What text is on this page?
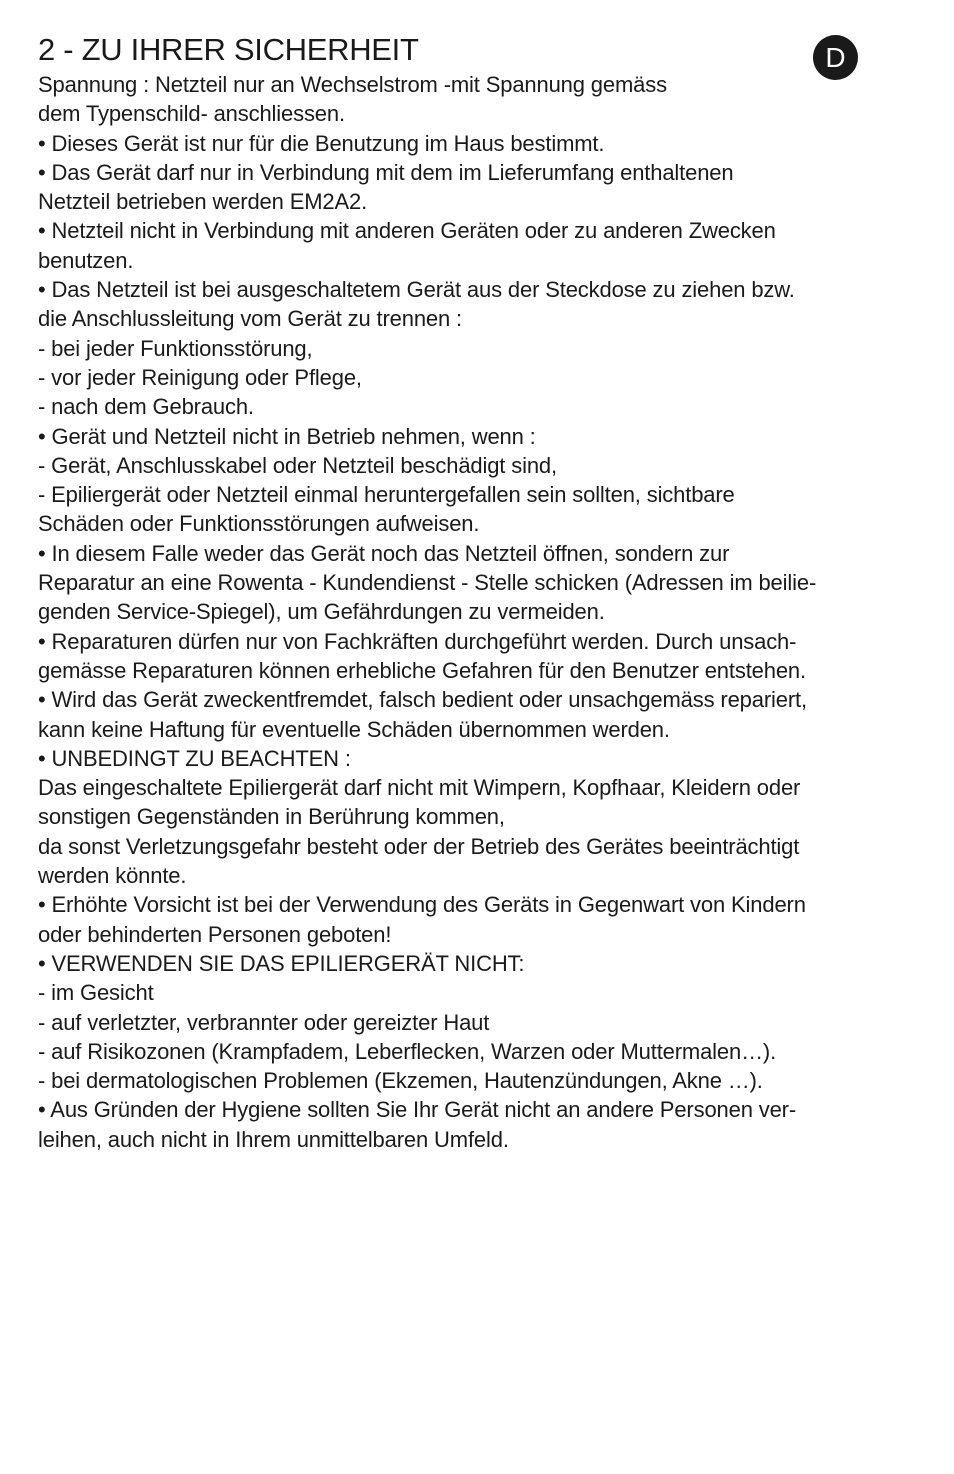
2 - ZU IHRER SICHERHEIT
Spannung : Netzteil nur an Wechselstrom -mit Spannung gemäss
dem Typenschild- anschliessen.
• Dieses Gerät ist nur für die Benutzung im Haus bestimmt.
• Das Gerät darf nur in Verbindung mit dem im Lieferumfang enthaltenen
Netzteil betrieben werden EM2A2.
• Netzteil nicht in Verbindung mit anderen Geräten oder zu anderen Zwecken
benutzen.
• Das Netzteil ist bei ausgeschaltetem Gerät aus der Steckdose zu ziehen bzw.
die Anschlussleitung vom Gerät zu trennen :
- bei jeder Funktionsstörung,
- vor jeder Reinigung oder Pflege,
- nach dem Gebrauch.
• Gerät und Netzteil nicht in Betrieb nehmen, wenn :
- Gerät, Anschlusskabel oder Netzteil beschädigt sind,
- Epiliergerät oder Netzteil einmal heruntergefallen sein sollten, sichtbare
Schäden oder Funktionsstörungen aufweisen.
• In diesem Falle weder das Gerät noch das Netzteil öffnen, sondern zur
Reparatur an eine Rowenta - Kundendienst - Stelle schicken (Adressen im beilie-
genden Service-Spiegel), um Gefährdungen zu vermeiden.
• Reparaturen dürfen nur von Fachkräften durchgeführt werden. Durch unsach-
gemässe Reparaturen können erhebliche Gefahren für den Benutzer entstehen.
• Wird das Gerät zweckentfremdet, falsch bedient oder unsachgemäss repariert,
kann keine Haftung für eventuelle Schäden übernommen werden.
• UNBEDINGT ZU BEACHTEN :
Das eingeschaltete Epiliergerät darf nicht mit Wimpern, Kopfhaar, Kleidern oder
sonstigen Gegenständen in Berührung kommen,
da sonst Verletzungsgefahr besteht oder der Betrieb des Gerätes beeinträchtigt
werden könnte.
• Erhöhte Vorsicht ist bei der Verwendung des Geräts in Gegenwart von Kindern
oder behinderten Personen geboten!
• VERWENDEN SIE DAS EPILIERGERÄT NICHT:
- im Gesicht
- auf verletzter, verbrannter oder gereizter Haut
- auf Risikozonen (Krampfadem, Leberflecken, Warzen oder Muttermalen…).
- bei dermatologischen Problemen (Ekzemen, Hautenzündungen, Akne …).
• Aus Gründen der Hygiene sollten Sie Ihr Gerät nicht an andere Personen ver-
leihen, auch nicht in Ihrem unmittelbaren Umfeld.
D
